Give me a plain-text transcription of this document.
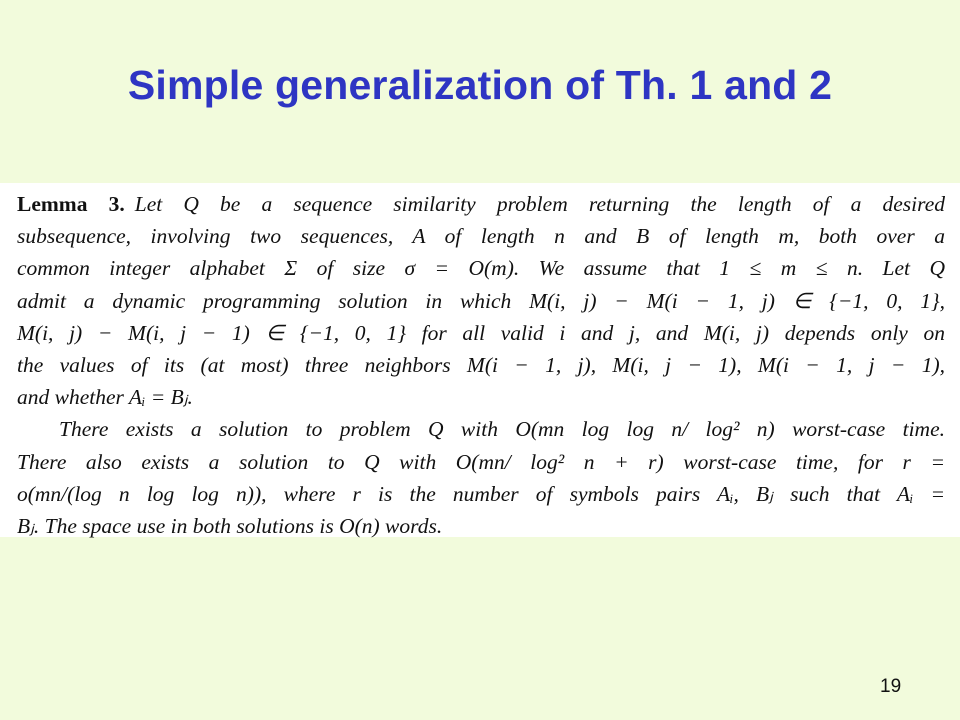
Simple generalization of Th. 1 and 2
Lemma 3. Let Q be a sequence similarity problem returning the length of a desired
subsequence, involving two sequences, A of length n and B of length m, both over a
common integer alphabet Σ of size σ = O(m). We assume that 1 ≤ m ≤ n. Let Q
admit a dynamic programming solution in which M(i, j) − M(i − 1, j) ∈ {−1, 0, 1},
M(i, j) − M(i, j − 1) ∈ {−1, 0, 1} for all valid i and j, and M(i, j) depends only on
the values of its (at most) three neighbors M(i − 1, j), M(i, j − 1), M(i − 1, j − 1),
and whether Aᵢ = Bⱼ.
There exists a solution to problem Q with O(mn log log n/ log² n) worst-case time.
There also exists a solution to Q with O(mn/ log² n + r) worst-case time, for r =
o(mn/(log n log log n)), where r is the number of symbols pairs Aᵢ, Bⱼ such that Aᵢ =
Bⱼ. The space use in both solutions is O(n) words.
19
